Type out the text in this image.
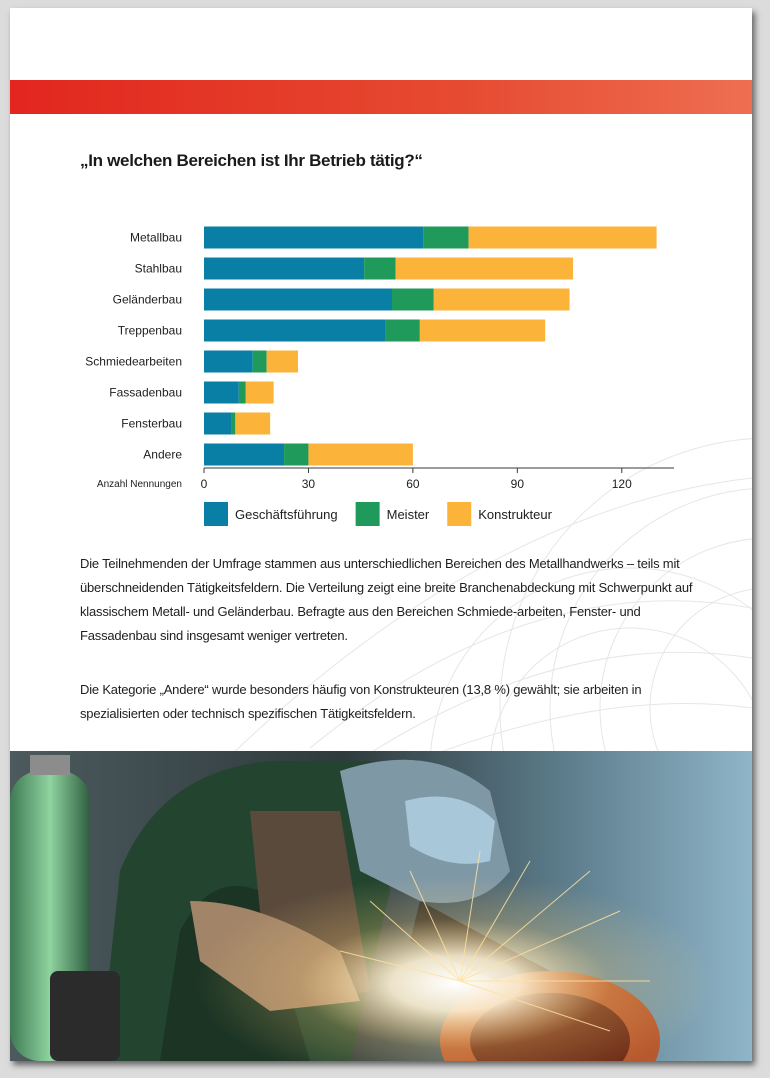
„In welchen Bereichen ist Ihr Betrieb tätig?“
Metallbau
Stahlbau
Geländerbau
Treppenbau
Schmiedearbeiten
Fassadenbau
Fensterbau
Andere
0	30	60	90	120
Anzahl Nennungen
Geschäftsführung	Meister	Konstrukteur

Die Teilnehmenden der Umfrage stammen aus unterschiedlichen Bereichen des Metallhandwerks – teils mit überschneidenden Tätigkeitsfeldern. Die Verteilung zeigt eine breite Branchenabdeckung mit Schwerpunkt auf klassischem Metall- und Geländerbau. Befragte aus den Bereichen Schmiede-arbeiten, Fenster- und Fassadenbau sind insgesamt weniger vertreten.

Die Kategorie „Andere“ wurde besonders häufig von Konstrukteuren (13,8 %) gewählt; sie arbeiten in spezialisierten oder technisch spezifischen Tätigkeitsfeldern.
